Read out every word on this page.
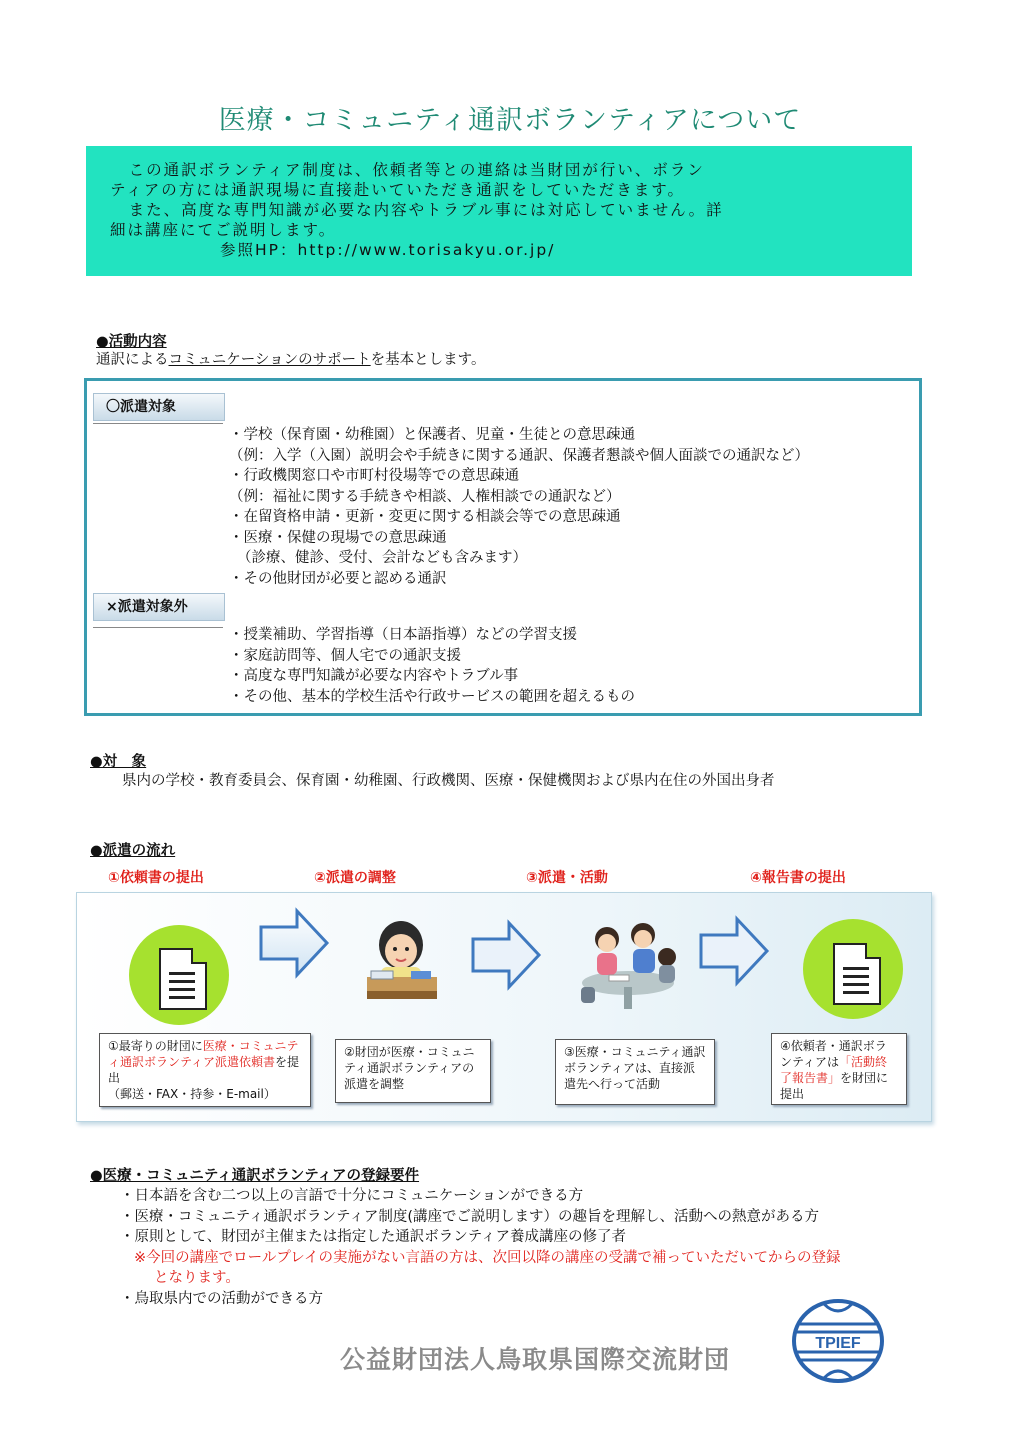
医療・コミュニティ通訳ボランティアについて

この通訳ボランティア制度は、依頼者等との連絡は当財団が行い、ボラン

ティアの方には通訳現場に直接赴いていただき通訳をしていただきます。

また、高度な専門知識が必要な内容やトラブル事には対応していません。詳

細は講座にてご説明します。

参照HP：http://www.torisakyu.or.jp/

●活動内容
通訳によるコミュニケーションのサポートを基本とします。
〇派遣対象
・学校（保育園・幼稚園）と保護者、児童・生徒との意思疎通
（例：入学（入園）説明会や手続きに関する通訳、保護者懇談や個人面談での通訳など）
・行政機関窓口や市町村役場等での意思疎通
（例：福祉に関する手続きや相談、人権相談での通訳など）
・在留資格申請・更新・変更に関する相談会等での意思疎通
・医療・保健の現場での意思疎通
（診療、健診、受付、会計なども含みます）
・その他財団が必要と認める通訳
×派遣対象外
・授業補助、学習指導（日本語指導）などの学習支援
・家庭訪問等、個人宅での通訳支援
・高度な専門知識が必要な内容やトラブル事
・その他、基本的学校生活や行政サービスの範囲を超えるもの
●対　象
県内の学校・教育委員会、保育園・幼稚園、行政機関、医療・保健機関および県内在住の外国出身者
●派遣の流れ
①依頼書の提出	②派遣の調整	③派遣・活動	④報告書の提出
①最寄りの財団に医療・コミュニティ通訳ボランティア派遣依頼書を提出
（郵送・FAX・持参・E-mail）
②財団が医療・コミュニティ通訳ボランティアの派遣を調整
③医療・コミュニティ通訳ボランティアは、直接派遣先へ行って活動
④依頼者・通訳ボランティアは「活動終了報告書」を財団に提出
●医療・コミュニティ通訳ボランティアの登録要件
・日本語を含む二つ以上の言語で十分にコミュニケーションができる方
・医療・コミュニティ通訳ボランティア制度(講座でご説明します）の趣旨を理解し、活動への熱意がある方
・原則として、財団が主催または指定した通訳ボランティア養成講座の修了者
※今回の講座でロールプレイの実施がない言語の方は、次回以降の講座の受講で補っていただいてからの登録
となります。
・鳥取県内での活動ができる方
公益財団法人鳥取県国際交流財団
TPIEF
